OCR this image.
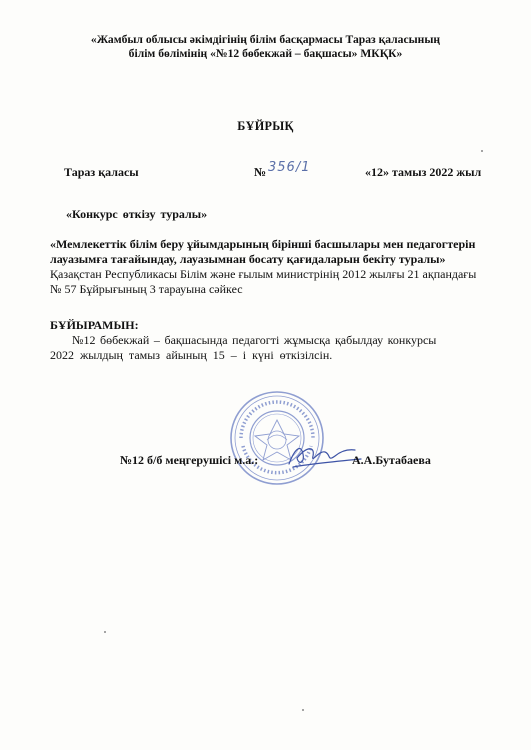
«Жамбыл облысы әкімдігінің білім басқармасы Тараз қаласының
білім бөлімінің «№12 бөбекжай – бақшасы» МКҚК»
БҰЙРЫҚ
Тараз қаласы	№ 356/1	«12» тамыз 2022 жыл
«Конкурс өткізу туралы»
«Мемлекеттік білім беру ұйымдарының бірінші басшылары мен педагогтерін
лауазымға тағайындау, лауазымнан босату қағидаларын бекіту туралы»
Қазақстан Республикасы Білім және ғылым министрінің 2012 жылғы 21 ақпандағы
№ 57 Бұйрығының 3 тарауына сәйкес
БҰЙЫРАМЫН:
№12 бөбекжай – бақшасында педагогті жұмысқа қабылдау конкурсы
2022 жылдың тамыз айының 15 – і күні өткізілсін.
№12 б/б меңгерушісі м.а.:	А.А.Бутабаева
